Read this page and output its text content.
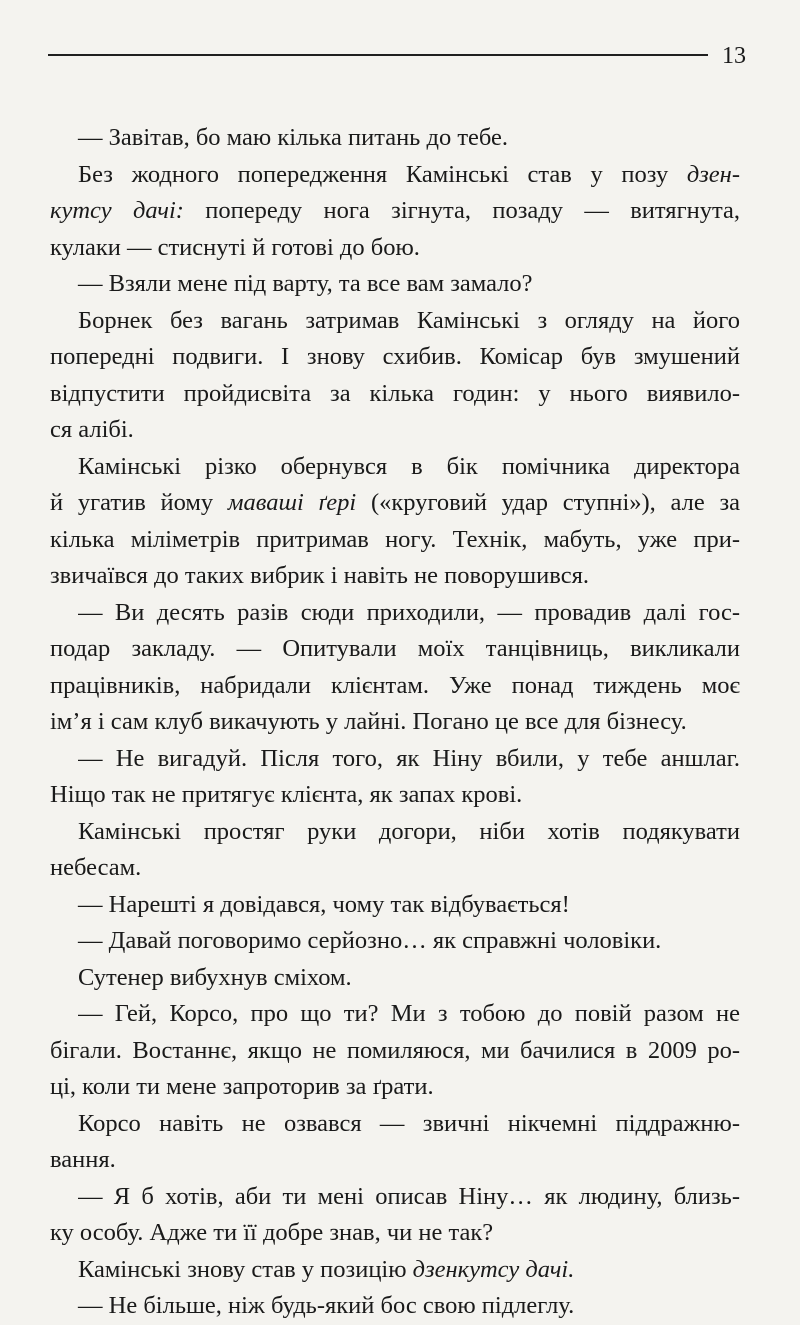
13
— Завітав, бо маю кілька питань до тебе.
Без жодного попередження Камінські став у позу дзен-
кутсу дачі: попереду нога зігнута, позаду — витягнута,
кулаки — стиснуті й готові до бою.
— Взяли мене під варту, та все вам замало?
Борнек без вагань затримав Камінські з огляду на його
попередні подвиги. І знову схибив. Комісар був змушений
відпустити пройдисвіта за кілька годин: у нього виявило-
ся алібі.
Камінські різко обернувся в бік помічника директора
й угатив йому маваші ґері («круговий удар ступні»), але за
кілька міліметрів притримав ногу. Технік, мабуть, уже при-
звичаївся до таких вибрик і навіть не поворушився.
— Ви десять разів сюди приходили, — провадив далі гос-
подар закладу. — Опитували моїх танцівниць, викликали
працівників, набридали клієнтам. Уже понад тиждень моє
ім’я і сам клуб викачують у лайні. Погано це все для бізнесу.
— Не вигадуй. Після того, як Ніну вбили, у тебе аншлаг.
Ніщо так не притягує клієнта, як запах крові.
Камінські простяг руки догори, ніби хотів подякувати
небесам.
— Нарешті я довідався, чому так відбувається!
— Давай поговоримо серйозно… як справжні чоловіки.
Сутенер вибухнув сміхом.
— Гей, Корсо, про що ти? Ми з тобою до повій разом не
бігали. Востаннє, якщо не помиляюся, ми бачилися в 2009 ро-
ці, коли ти мене запроторив за ґрати.
Корсо навіть не озвався — звичні нікчемні піддражню-
вання.
— Я б хотів, аби ти мені описав Ніну… як людину, близь-
ку особу. Адже ти її добре знав, чи не так?
Камінські знову став у позицію дзенкутсу дачі.
— Не більше, ніж будь-який бос свою підлеглу.
